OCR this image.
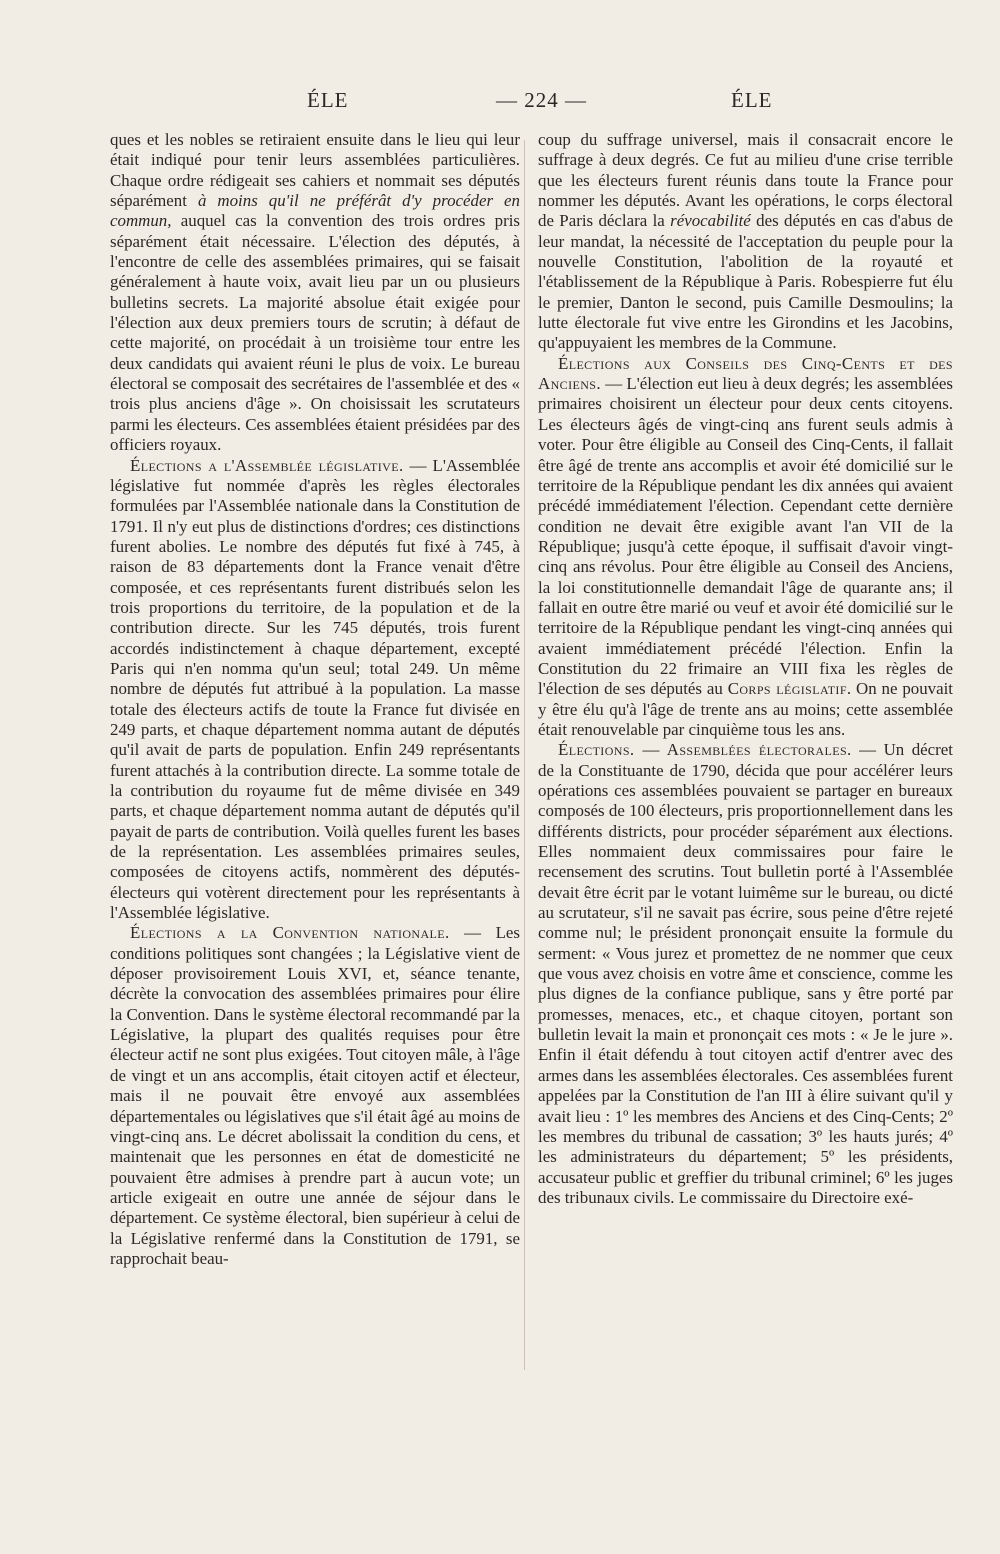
ÉLE	— 224 —	ÉLE

ques et les nobles se retiraient ensuite dans le lieu qui leur était indiqué pour tenir leurs assemblées particulières. Chaque ordre rédigeait ses cahiers et nommait ses députés séparément à moins qu'il ne préférât d'y procéder en commun, auquel cas la convention des trois ordres pris séparément était nécessaire. L'élection des députés, à l'encontre de celle des assemblées primaires, qui se faisait généralement à haute voix, avait lieu par un ou plusieurs bulletins secrets. La majorité absolue était exigée pour l'élection aux deux premiers tours de scrutin; à défaut de cette majorité, on procédait à un troisième tour entre les deux candidats qui avaient réuni le plus de voix. Le bureau électoral se composait des secrétaires de l'assemblée et des « trois plus anciens d'âge ». On choisissait les scrutateurs parmi les électeurs. Ces assemblées étaient présidées par des officiers royaux.

Élections a l'Assemblée législative. — L'Assemblée législative fut nommée d'après les règles électorales formulées par l'Assemblée nationale dans la Constitution de 1791. Il n'y eut plus de distinctions d'ordres; ces distinctions furent abolies. Le nombre des députés fut fixé à 745, à raison de 83 départements dont la France venait d'être composée, et ces représentants furent distribués selon les trois proportions du territoire, de la population et de la contribution directe. Sur les 745 députés, trois furent accordés indistinctement à chaque département, excepté Paris qui n'en nomma qu'un seul; total 249. Un même nombre de députés fut attribué à la population. La masse totale des électeurs actifs de toute la France fut divisée en 249 parts, et chaque département nomma autant de députés qu'il avait de parts de population. Enfin 249 représentants furent attachés à la contribution directe. La somme totale de la contribution du royaume fut de même divisée en 349 parts, et chaque département nomma autant de députés qu'il payait de parts de contribution. Voilà quelles furent les bases de la représentation. Les assemblées primaires seules, composées de citoyens actifs, nommèrent des députés-électeurs qui votèrent directement pour les représentants à l'Assemblée législative.

Élections a la Convention nationale. — Les conditions politiques sont changées ; la Législative vient de déposer provisoirement Louis XVI, et, séance tenante, décrète la convocation des assemblées primaires pour élire la Convention. Dans le système électoral recommandé par la Législative, la plupart des qualités requises pour être électeur actif ne sont plus exigées. Tout citoyen mâle, à l'âge de vingt et un ans accomplis, était citoyen actif et électeur, mais il ne pouvait être envoyé aux assemblées départementales ou législatives que s'il était âgé au moins de vingt-cinq ans. Le décret abolissait la condition du cens, et maintenait que les personnes en état de domesticité ne pouvaient être admises à prendre part à aucun vote; un article exigeait en outre une année de séjour dans le département. Ce système électoral, bien supérieur à celui de la Législative renfermé dans la Constitution de 1791, se rapprochait beau-

coup du suffrage universel, mais il consacrait encore le suffrage à deux degrés. Ce fut au milieu d'une crise terrible que les électeurs furent réunis dans toute la France pour nommer les députés. Avant les opérations, le corps électoral de Paris déclara la révocabilité des députés en cas d'abus de leur mandat, la nécessité de l'acceptation du peuple pour la nouvelle Constitution, l'abolition de la royauté et l'établissement de la République à Paris. Robespierre fut élu le premier, Danton le second, puis Camille Desmoulins; la lutte électorale fut vive entre les Girondins et les Jacobins, qu'appuyaient les membres de la Commune.

Élections aux Conseils des Cinq-Cents et des Anciens. — L'élection eut lieu à deux degrés; les assemblées primaires choisirent un électeur pour deux cents citoyens. Les électeurs âgés de vingt-cinq ans furent seuls admis à voter. Pour être éligible au Conseil des Cinq-Cents, il fallait être âgé de trente ans accomplis et avoir été domicilié sur le territoire de la République pendant les dix années qui avaient précédé immédiatement l'élection. Cependant cette dernière condition ne devait être exigible avant l'an VII de la République; jusqu'à cette époque, il suffisait d'avoir vingt-cinq ans révolus. Pour être éligible au Conseil des Anciens, la loi constitutionnelle demandait l'âge de quarante ans; il fallait en outre être marié ou veuf et avoir été domicilié sur le territoire de la République pendant les vingt-cinq années qui avaient immédiatement précédé l'élection. Enfin la Constitution du 22 frimaire an VIII fixa les règles de l'élection de ses députés au Corps législatif. On ne pouvait y être élu qu'à l'âge de trente ans au moins; cette assemblée était renouvelable par cinquième tous les ans.

Élections. — Assemblées électorales. — Un décret de la Constituante de 1790, décida que pour accélérer leurs opérations ces assemblées pouvaient se partager en bureaux composés de 100 électeurs, pris proportionnellement dans les différents districts, pour procéder séparément aux élections. Elles nommaient deux commissaires pour faire le recensement des scrutins. Tout bulletin porté à l'Assemblée devait être écrit par le votant luimême sur le bureau, ou dicté au scrutateur, s'il ne savait pas écrire, sous peine d'être rejeté comme nul; le président prononçait ensuite la formule du serment: « Vous jurez et promettez de ne nommer que ceux que vous avez choisis en votre âme et conscience, comme les plus dignes de la confiance publique, sans y être porté par promesses, menaces, etc., et chaque citoyen, portant son bulletin levait la main et prononçait ces mots : « Je le jure ». Enfin il était défendu à tout citoyen actif d'entrer avec des armes dans les assemblées électorales. Ces assemblées furent appelées par la Constitution de l'an III à élire suivant qu'il y avait lieu : 1º les membres des Anciens et des Cinq-Cents; 2º les membres du tribunal de cassation; 3º les hauts jurés; 4º les administrateurs du département; 5º les présidents, accusateur public et greffier du tribunal criminel; 6º les juges des tribunaux civils. Le commissaire du Directoire exé-
